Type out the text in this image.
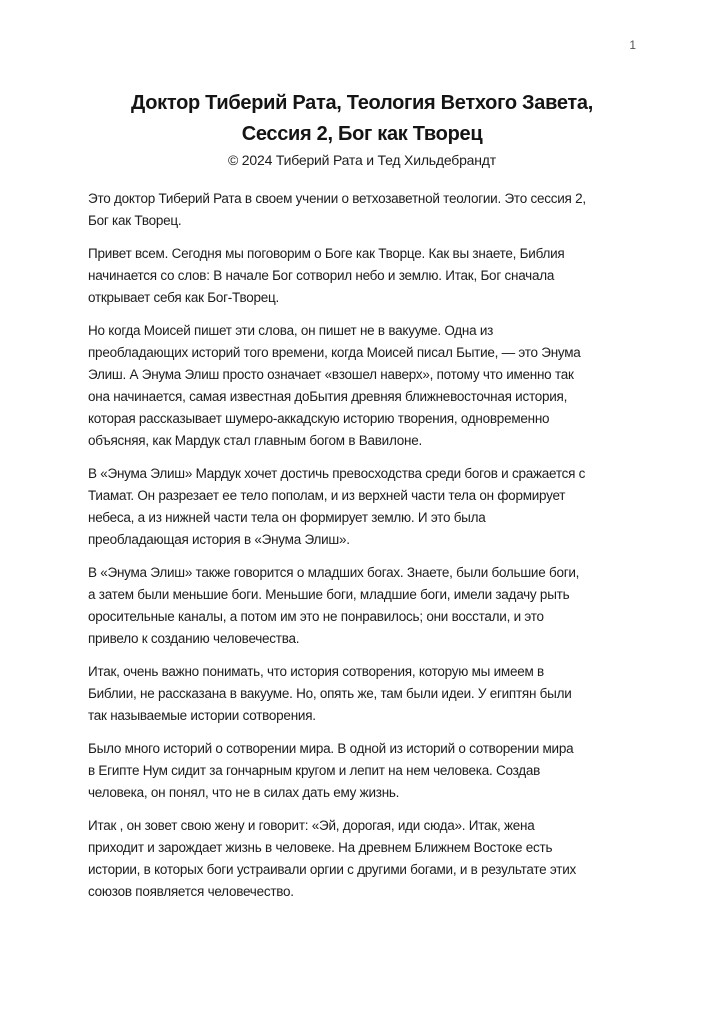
1
Доктор Тиберий Рата, Теология Ветхого Завета,
Сессия 2, Бог как Творец

© 2024 Тиберий Рата и Тед Хильдебрандт

Это доктор Тиберий Рата в своем учении о ветхозаветной теологии. Это сессия 2,
Бог как Творец.
Привет всем. Сегодня мы поговорим о Боге как Творце. Как вы знаете, Библия
начинается со слов: В начале Бог сотворил небо и землю. Итак, Бог сначала
открывает себя как Бог-Творец.
Но когда Моисей пишет эти слова, он пишет не в вакууме. Одна из
преобладающих историй того времени, когда Моисей писал Бытие, — это Энума
Элиш. А Энума Элиш просто означает «взошел наверх», потому что именно так
она начинается, самая известная доБытия древняя ближневосточная история,
которая рассказывает шумеро-аккадскую историю творения, одновременно
объясняя, как Мардук стал главным богом в Вавилоне.
В «Энума Элиш» Мардук хочет достичь превосходства среди богов и сражается с
Тиамат. Он разрезает ее тело пополам, и из верхней части тела он формирует
небеса, а из нижней части тела он формирует землю. И это была
преобладающая история в «Энума Элиш».
В «Энума Элиш» также говорится о младших богах. Знаете, были большие боги,
а затем были меньшие боги. Меньшие боги, младшие боги, имели задачу рыть
оросительные каналы, а потом им это не понравилось; они восстали, и это
привело к созданию человечества.
Итак, очень важно понимать, что история сотворения, которую мы имеем в
Библии, не рассказана в вакууме. Но, опять же, там были идеи. У египтян были
так называемые истории сотворения.
Было много историй о сотворении мира. В одной из историй о сотворении мира
в Египте Нум сидит за гончарным кругом и лепит на нем человека. Создав
человека, он понял, что не в силах дать ему жизнь.
Итак , он зовет свою жену и говорит: «Эй, дорогая, иди сюда». Итак, жена
приходит и зарождает жизнь в человеке. На древнем Ближнем Востоке есть
истории, в которых боги устраивали оргии с другими богами, и в результате этих
союзов появляется человечество.
